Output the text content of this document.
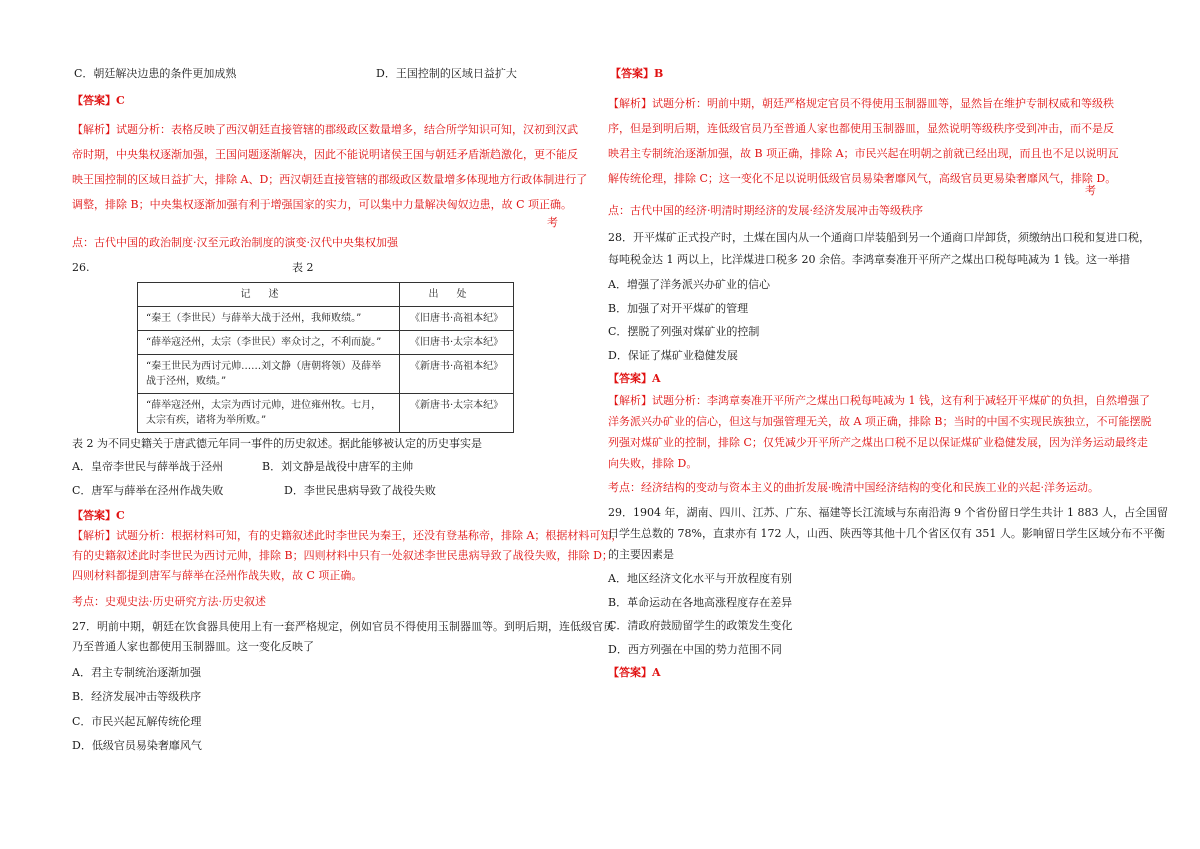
C．朝廷解决边患的条件更加成熟	D．王国控制的区域日益扩大

【答案】C

【解析】试题分析：表格反映了西汉朝廷直接管辖的郡级政区数量增多，结合所学知识可知，汉初到汉武

帝时期，中央集权逐渐加强，王国问题逐渐解决，因此不能说明诸侯王国与朝廷矛盾渐趋激化，更不能反

映王国控制的区域日益扩大，排除 A、D；西汉朝廷直接管辖的郡级政区数量增多体现地方行政体制进行了

调整，排除 B；中央集权逐渐加强有利于增强国家的实力，可以集中力量解决匈奴边患，故 C 项正确。

考

点：古代中国的政治制度·汉至元政治制度的演变·汉代中央集权加强

26.	表 2
记述	出处
“秦王（李世民）与薛举大战于泾州，我师败绩。”	《旧唐书·高祖本纪》
“薛举寇泾州，太宗（李世民）率众讨之，不利而旋。”	《旧唐书·太宗本纪》
“秦王世民为西讨元帅……刘文静（唐朝将领）及薛举战于泾州，败绩。”	《新唐书·高祖本纪》
“薛举寇泾州，太宗为西讨元帅，进位雍州牧。七月，太宗有疾，诸将为举所败。”	《新唐书·太宗本纪》

表 2 为不同史籍关于唐武德元年同一事件的历史叙述。据此能够被认定的历史事实是

A．皇帝李世民与薛举战于泾州	B．刘文静是战役中唐军的主帅
C．唐军与薛举在泾州作战失败	D．李世民患病导致了战役失败

【答案】C

【解析】试题分析：根据材料可知，有的史籍叙述此时李世民为秦王，还没有登基称帝，排除 A；根据材料可知，

有的史籍叙述此时李世民为西讨元帅，排除 B；四则材料中只有一处叙述李世民患病导致了战役失败，排除 D；

四则材料都提到唐军与薛举在泾州作战失败，故 C 项正确。

考点：史观史法·历史研究方法·历史叙述

27．明前中期，朝廷在饮食器具使用上有一套严格规定，例如官员不得使用玉制器皿等。到明后期，连低级官员

乃至普通人家也都使用玉制器皿。这一变化反映了

A．君主专制统治逐渐加强

B．经济发展冲击等级秩序

C．市民兴起瓦解传统伦理

D．低级官员易染奢靡风气

【答案】B

【解析】试题分析：明前中期，朝廷严格规定官员不得使用玉制器皿等，显然旨在维护专制权威和等级秩

序，但是到明后期，连低级官员乃至普通人家也都使用玉制器皿，显然说明等级秩序受到冲击，而不是反

映君主专制统治逐渐加强，故 B 项正确，排除 A；市民兴起在明朝之前就已经出现，而且也不足以说明瓦

解传统伦理，排除 C；这一变化不足以说明低级官员易染奢靡风气，高级官员更易染奢靡风气，排除 D。

考

点：古代中国的经济·明清时期经济的发展·经济发展冲击等级秩序

28．开平煤矿正式投产时，土煤在国内从一个通商口岸装船到另一个通商口岸卸货，须缴纳出口税和复进口税，

每吨税金达 1 两以上，比洋煤进口税多 20 余倍。李鸿章奏准开平所产之煤出口税每吨减为 1 钱。这一举措

A．增强了洋务派兴办矿业的信心

B．加强了对开平煤矿的管理

C．摆脱了列强对煤矿业的控制

D．保证了煤矿业稳健发展

【答案】A

【解析】试题分析：李鸿章奏准开平所产之煤出口税每吨减为 1 钱，这有利于减轻开平煤矿的负担，自然增强了

洋务派兴办矿业的信心，但这与加强管理无关，故 A 项正确，排除 B；当时的中国不实现民族独立，不可能摆脱

列强对煤矿业的控制，排除 C；仅凭减少开平所产之煤出口税不足以保证煤矿业稳健发展，因为洋务运动最终走

向失败，排除 D。

考点：经济结构的变动与资本主义的曲折发展·晚清中国经济结构的变化和民族工业的兴起·洋务运动。

29．1904 年，湖南、四川、江苏、广东、福建等长江流域与东南沿海 9 个省份留日学生共计 1 883 人，占全国留

日学生总数的 78%，直隶亦有 172 人，山西、陕西等其他十几个省区仅有 351 人。影响留日学生区域分布不平衡

的主要因素是

A．地区经济文化水平与开放程度有别

B．革命运动在各地高涨程度存在差异

C．清政府鼓励留学生的政策发生变化

D．西方列强在中国的势力范围不同

【答案】A
